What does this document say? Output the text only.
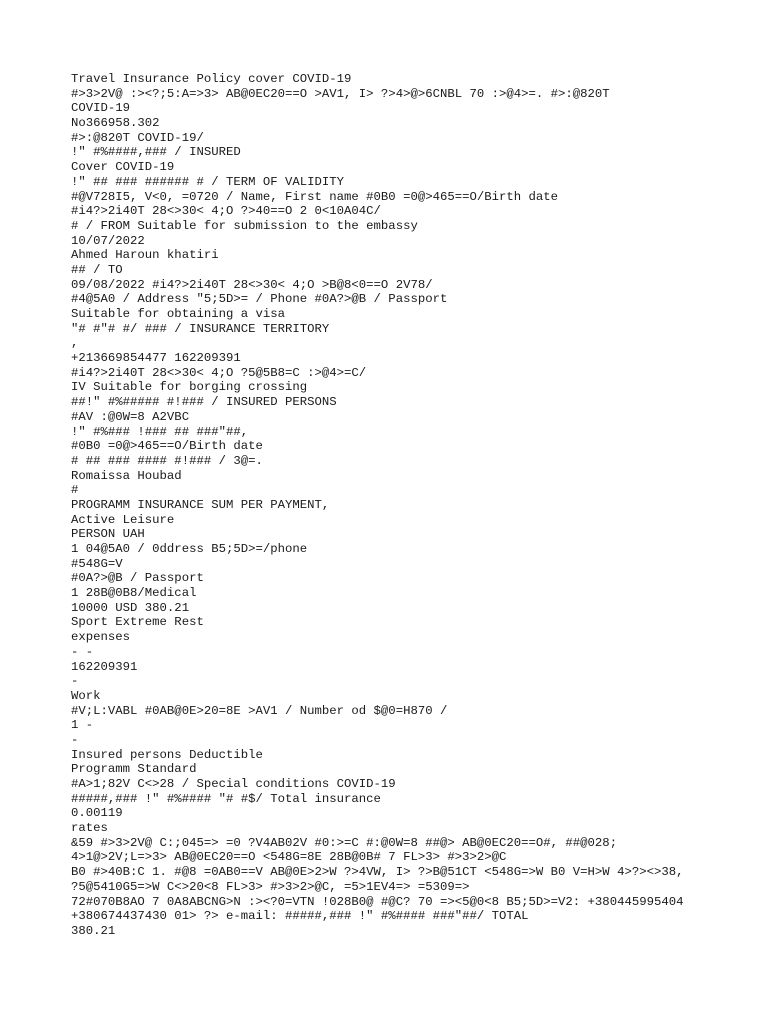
Travel Insurance Policy cover COVID-19
#>3>2V@ :><?;5:A=>3> AB@0EC20==O >AV1, I> ?>4>@>6CNBL 70 :>@4>=. #>:@820T
COVID-19
No366958.302
#>:@820T COVID-19/
!" #%####,### / INSURED
Cover COVID-19
!" ## ### ###### # / TERM OF VALIDITY
#@V728I5, V<0, =0720 / Name, First name #0B0 =0@>465==O/Birth date
#i4?>2i40T 28<>30< 4;O ?>40==O 2 0<10A04C/
# / FROM Suitable for submission to the embassy
10/07/2022
Ahmed Haroun khatiri
## / TO
09/08/2022 #i4?>2i40T 28<>30< 4;O >B@8<0==O 2V78/
#4@5A0 / Address "5;5D>= / Phone #0A?>@B / Passport
Suitable for obtaining a visa
"# #"# #/ ### / INSURANCE TERRITORY
,
+213669854477 162209391
#i4?>2i40T 28<>30< 4;O ?5@5B8=C :>@4>=C/
IV Suitable for borging crossing
##!" #%##### #!### / INSURED PERSONS
#AV :@0W=8 A2VBC
!" #%### !### ## ###"##,
#0B0 =0@>465==O/Birth date
# ## ### #### #!### / 3@=.
Romaissa Houbad
#
PROGRAMM INSURANCE SUM PER PAYMENT,
Active Leisure
PERSON UAH
1 04@5A0 / 0ddress B5;5D>=/phone
#548G=V
#0A?>@B / Passport
1 28B@0B8/Medical
10000 USD 380.21
Sport Extreme Rest
expenses
- -
162209391
-
Work
#V;L:VABL #0AB@0E>20=8E >AV1 / Number od $@0=H870 /
1 -
-
Insured persons Deductible
Programm Standard
#A>1;82V C<>28 / Special conditions COVID-19
#####,### !" #%#### "# #$/ Total insurance
0.00119
rates
&59 #>3>2V@ C:;045=> =0 ?V4AB02V #0:>=C #:@0W=8 ##@> AB@0EC20==O#, ##@028;
4>1@>2V;L=>3> AB@0EC20==O <548G=8E 28B@0B# 7 FL>3> #>3>2>@C
B0 #>40B:C 1. #@8 =0AB0==V AB@0E>2>W ?>4VW, I> ?>B@51CT <548G=>W B0 V=H>W 4>?><>38,
?5@5410G5=>W C<>20<8 FL>3> #>3>2>@C, =5>1EV4=> =5309=>
72#070B8AO 7 0A8ABCNG>N :><?0=VTN !028B0@ #@C? 70 =><5@0<8 B5;5D>=V2: +380445995404
+380674437430 01> ?> e-mail: #####,### !" #%#### ###"##/ TOTAL
380.21
